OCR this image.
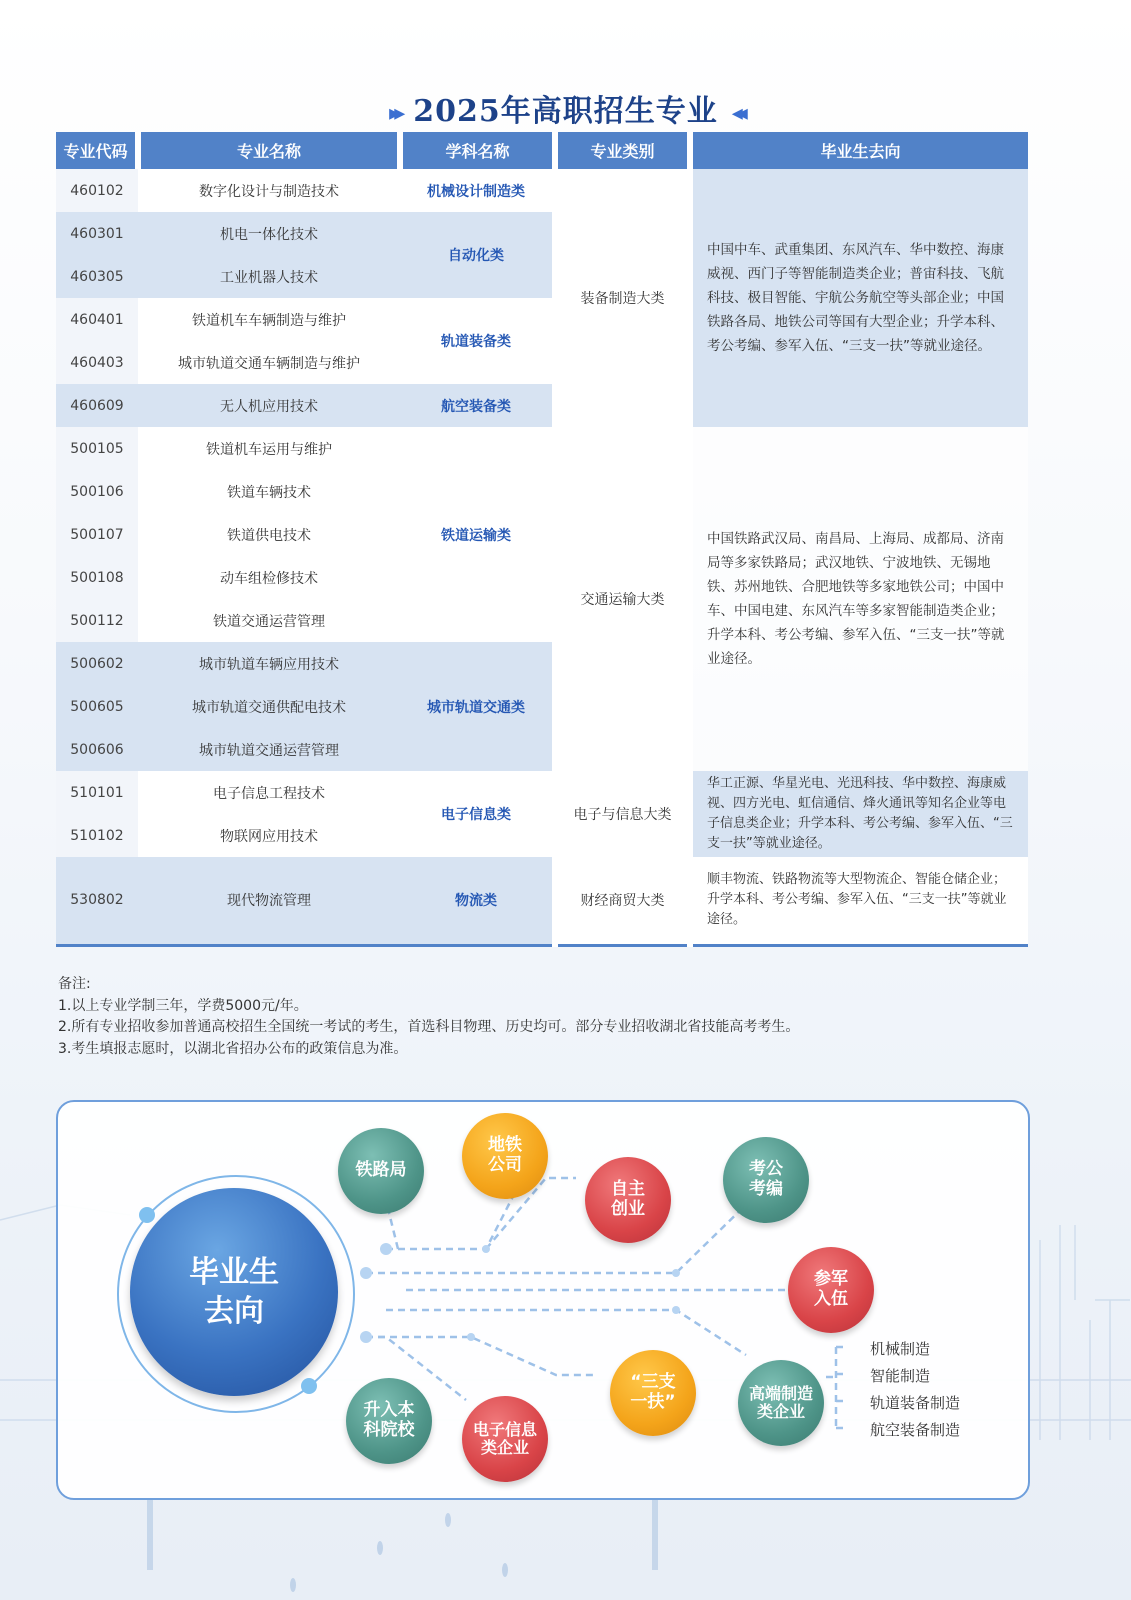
▸▸ 2025年高职招生专业 ◂◂
专业代码	专业名称	学科名称	专业类别	毕业生去向
460102	数字化设计与制造技术	机械设计制造类	装备制造大类	中国中车、武重集团、东风汽车、华中数控、海康威视、西门子等智能制造类企业；普宙科技、飞航科技、极目智能、宇航公务航空等头部企业；中国铁路各局、地铁公司等国有大型企业；升学本科、考公考编、参军入伍、“三支一扶”等就业途径。
460301	机电一体化技术	自动化类		
460305	工业机器人技术			
460401	铁道机车车辆制造与维护	轨道装备类		
460403	城市轨道交通车辆制造与维护			
460609	无人机应用技术	航空装备类		
500105	铁道机车运用与维护	铁道运输类	交通运输大类	中国铁路武汉局、南昌局、上海局、成都局、济南局等多家铁路局；武汉地铁、宁波地铁、无锡地铁、苏州地铁、合肥地铁等多家地铁公司；中国中车、中国电建、东风汽车等多家智能制造类企业；升学本科、考公考编、参军入伍、“三支一扶”等就业途径。
500106	铁道车辆技术			
500107	铁道供电技术			
500108	动车组检修技术			
500112	铁道交通运营管理			
500602	城市轨道车辆应用技术	城市轨道交通类		
500605	城市轨道交通供配电技术			
500606	城市轨道交通运营管理			
510101	电子信息工程技术	电子信息类	电子与信息大类	华工正源、华星光电、光迅科技、华中数控、海康威视、四方光电、虹信通信、烽火通讯等知名企业等电子信息类企业；升学本科、考公考编、参军入伍、“三支一扶”等就业途径。
510102	物联网应用技术			
530802	现代物流管理	物流类	财经商贸大类	顺丰物流、铁路物流等大型物流企、智能仓储企业；升学本科、考公考编、参军入伍、“三支一扶”等就业途径。
备注:
1.以上专业学制三年，学费5000元/年。
2.所有专业招收参加普通高校招生全国统一考试的考生，首选科目物理、历史均可。部分专业招收湖北省技能高考考生。
3.考生填报志愿时，以湖北省招办公布的政策信息为准。
毕业生去向
铁路局
地铁公司
自主创业
考公考编
参军入伍
“三支一扶”	高端制造类企业
电子信息类企业
升入本科院校
机械制造
智能制造
轨道装备制造
航空装备制造
